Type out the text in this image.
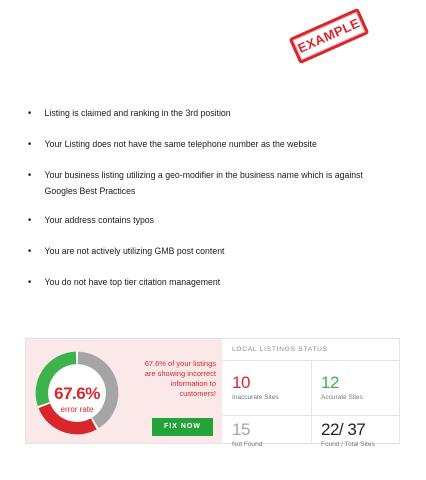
EXAMPLE
• Listing is claimed and ranking in the 3rd position
• Your Listing does not have the same telephone number as the website
• Your business listing utilizing a geo-modifier in the business name which is against Googles Best Practices
• Your address contains typos
• You are not actively utilizing GMB post content
• You do not have top tier citation management
67.6%
error rate
67.6% of your listings are showing incorrect information to customers!
FIX NOW
LOCAL LISTINGS STATUS
10
Inaccurate Sites
12
Accurate Sites
15
Not Found
22/ 37
Found / Total Sites
